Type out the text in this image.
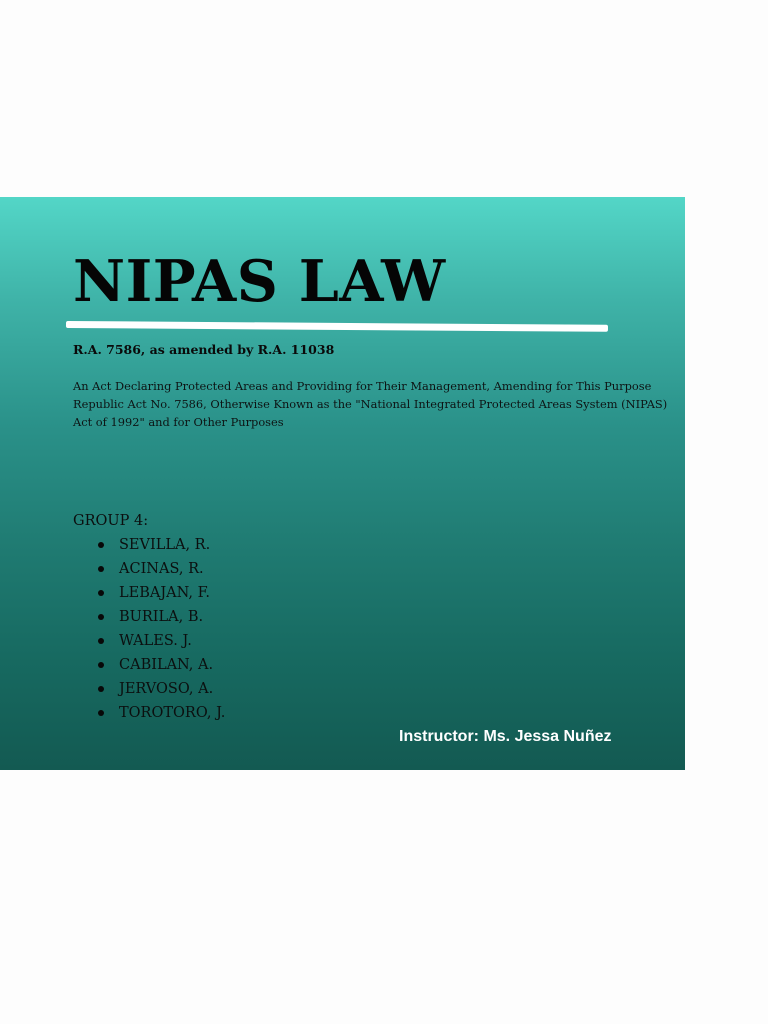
NIPAS LAW
R.A. 7586, as amended by R.A. 11038
An Act Declaring Protected Areas and Providing for Their Management, Amending for This Purpose Republic Act No. 7586, Otherwise Known as the "National Integrated Protected Areas System (NIPAS) Act of 1992" and for Other Purposes
GROUP 4:
SEVILLA, R.
ACINAS, R.
LEBAJAN, F.
BURILA, B.
WALES. J.
CABILAN, A.
JERVOSO, A.
TOROTORO, J.
Instructor: Ms. Jessa Nuñez
